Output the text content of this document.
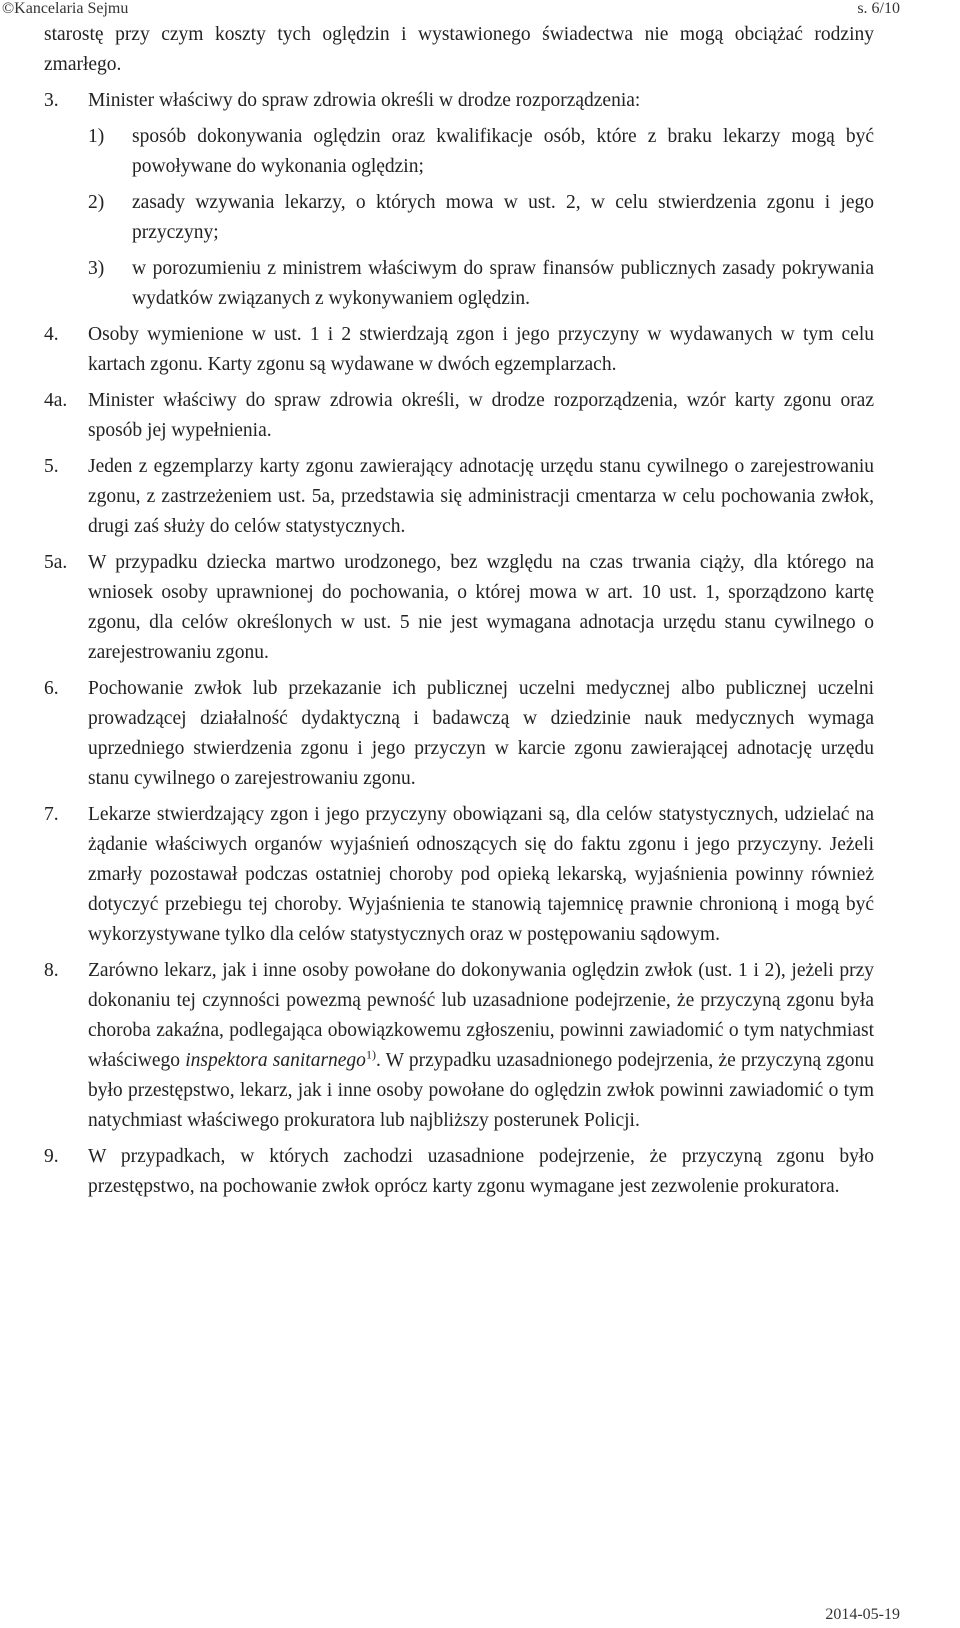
©Kancelaria Sejmu	s. 6/10

starostę przy czym koszty tych oględzin i wystawionego świadectwa nie mogą obciążać rodziny zmarłego.

3. Minister właściwy do spraw zdrowia określi w drodze rozporządzenia:

1) sposób dokonywania oględzin oraz kwalifikacje osób, które z braku lekarzy mogą być powoływane do wykonania oględzin;

2) zasady wzywania lekarzy, o których mowa w ust. 2, w celu stwierdzenia zgonu i jego przyczyny;

3) w porozumieniu z ministrem właściwym do spraw finansów publicznych zasady pokrywania wydatków związanych z wykonywaniem oględzin.

4. Osoby wymienione w ust. 1 i 2 stwierdzają zgon i jego przyczyny w wydawanych w tym celu kartach zgonu. Karty zgonu są wydawane w dwóch egzemplarzach.

4a. Minister właściwy do spraw zdrowia określi, w drodze rozporządzenia, wzór karty zgonu oraz sposób jej wypełnienia.

5. Jeden z egzemplarzy karty zgonu zawierający adnotację urzędu stanu cywilnego o zarejestrowaniu zgonu, z zastrzeżeniem ust. 5a, przedstawia się administracji cmentarza w celu pochowania zwłok, drugi zaś służy do celów statystycznych.

5a. W przypadku dziecka martwo urodzonego, bez względu na czas trwania ciąży, dla którego na wniosek osoby uprawnionej do pochowania, o której mowa w art. 10 ust. 1, sporządzono kartę zgonu, dla celów określonych w ust. 5 nie jest wymagana adnotacja urzędu stanu cywilnego o zarejestrowaniu zgonu.

6. Pochowanie zwłok lub przekazanie ich publicznej uczelni medycznej albo publicznej uczelni prowadzącej działalność dydaktyczną i badawczą w dziedzinie nauk medycznych wymaga uprzedniego stwierdzenia zgonu i jego przyczyn w karcie zgonu zawierającej adnotację urzędu stanu cywilnego o zarejestrowaniu zgonu.

7. Lekarze stwierdzający zgon i jego przyczyny obowiązani są, dla celów statystycznych, udzielać na żądanie właściwych organów wyjaśnień odnoszących się do faktu zgonu i jego przyczyny. Jeżeli zmarły pozostawał podczas ostatniej choroby pod opieką lekarską, wyjaśnienia powinny również dotyczyć przebiegu tej choroby. Wyjaśnienia te stanowią tajemnicę prawnie chronioną i mogą być wykorzystywane tylko dla celów statystycznych oraz w postępowaniu sądowym.

8. Zarówno lekarz, jak i inne osoby powołane do dokonywania oględzin zwłok (ust. 1 i 2), jeżeli przy dokonaniu tej czynności powezmą pewność lub uzasadnione podejrzenie, że przyczyną zgonu była choroba zakaźna, podlegająca obowiązkowemu zgłoszeniu, powinni zawiadomić o tym natychmiast właściwego inspektora sanitarnego$^{1)}$. W przypadku uzasadnionego podejrzenia, że przyczyną zgonu było przestępstwo, lekarz, jak i inne osoby powołane do oględzin zwłok powinni zawiadomić o tym natychmiast właściwego prokuratora lub najbliższy posterunek Policji.

9. W przypadkach, w których zachodzi uzasadnione podejrzenie, że przyczyną zgonu było przestępstwo, na pochowanie zwłok oprócz karty zgonu wymagane jest zezwolenie prokuratora.

2014-05-19
